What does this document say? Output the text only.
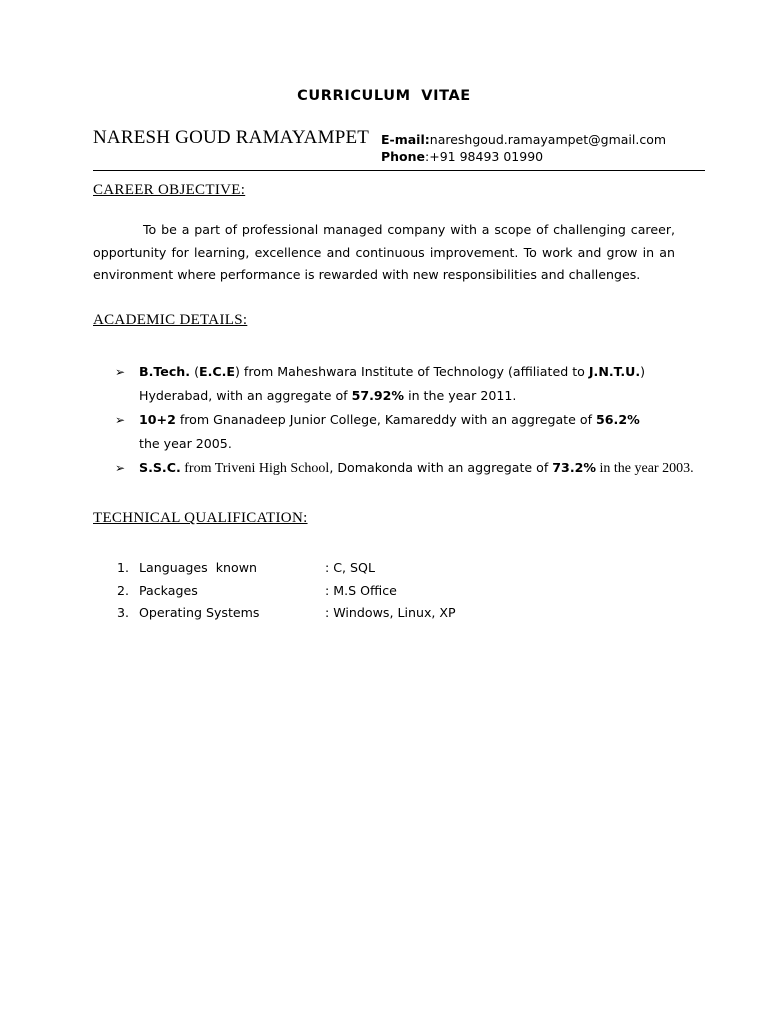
CURRICULUM VITAE
NARESH GOUD RAMAYAMPET E-mail:nareshgoud.ramayampet@gmail.com
Phone:+91 98493 01990
CAREER OBJECTIVE:
To be a part of professional managed company with a scope of challenging career, opportunity for learning, excellence and continuous improvement. To work and grow in an environment where performance is rewarded with new responsibilities and challenges.
ACADEMIC DETAILS:
➢ B.Tech. (E.C.E) from Maheshwara Institute of Technology (affiliated to J.N.T.U.) Hyderabad, with an aggregate of 57.92% in the year 2011.
➢ 10+2 from Gnanadeep Junior College, Kamareddy with an aggregate of 56.2%
the year 2005.
➢ S.S.C. from Triveni High School, Domakonda with an aggregate of 73.2% in the year 2003.
TECHNICAL QUALIFICATION:
1. Languages  known	: C, SQL
2. Packages	: M.S Office
3. Operating Systems	: Windows, Linux, XP
